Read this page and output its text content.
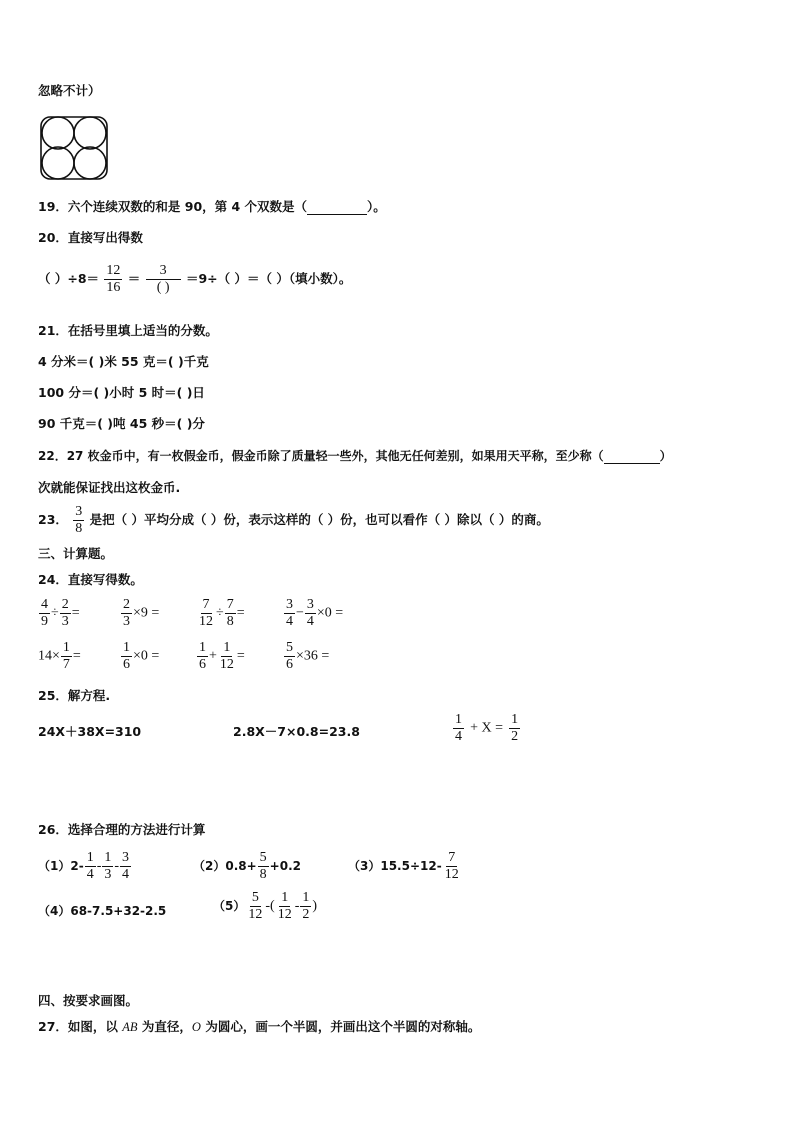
忽略不计）
19．六个连续双数的和是 90，第 4 个双数是（	）。
20．直接写出得数
（ ）$\div 8= \frac{12}{16} = \frac{3}{( )} =9\div$（ ）＝（ ）（填小数）。
21．在括号里填上适当的分数。
4 分米＝( )米 55 克＝( )千克
100 分＝( )小时 5 时＝( )日
90 千克＝( )吨 45 秒＝( )分
22．27 枚金币中，有一枚假金币，假金币除了质量轻一些外，其他无任何差别，如果用天平称，至少称（	）
次就能保证找出这枚金币.
23． $\frac{3}{8}$ 是把（ ）平均分成（ ）份，表示这样的（ ）份，也可以看作（ ）除以（ ）的商。
三、计算题。
24．直接写得数。
$\frac{4}{9} \div \frac{2}{3}$ =	$\frac{2}{3} \times 9$ =	$\frac{7}{12} \div \frac{7}{8}$ =	$\frac{3}{4} - \frac{3}{4} \times 0$ =
$14\times \frac{1}{7}$ =	$\frac{1}{6} \times 0$ =	$\frac{1}{6} + \frac{1}{12}$ =	$\frac{5}{6} \times 36$ =
25．解方程.
24X＋38X=310	2.8X－7×0.8=23.8	$\frac{1}{4} + X = \frac{1}{2}$
26．选择合理的方法进行计算
$(1)2- \frac{1}{4} - \frac{1}{3} - \frac{3}{4}$	$(2)0.8+ \frac{5}{8} +0.2$	$(3)15.5\div 12- \frac{7}{12}$
（4）68-7.5+32-2.5	$(5) \frac{5}{12}$ -( $\frac{1}{12} - \frac{1}{2}$ )
四、按要求画图。
27．如图，以 AB 为直径，O 为圆心，画一个半圆，并画出这个半圆的对称轴。
